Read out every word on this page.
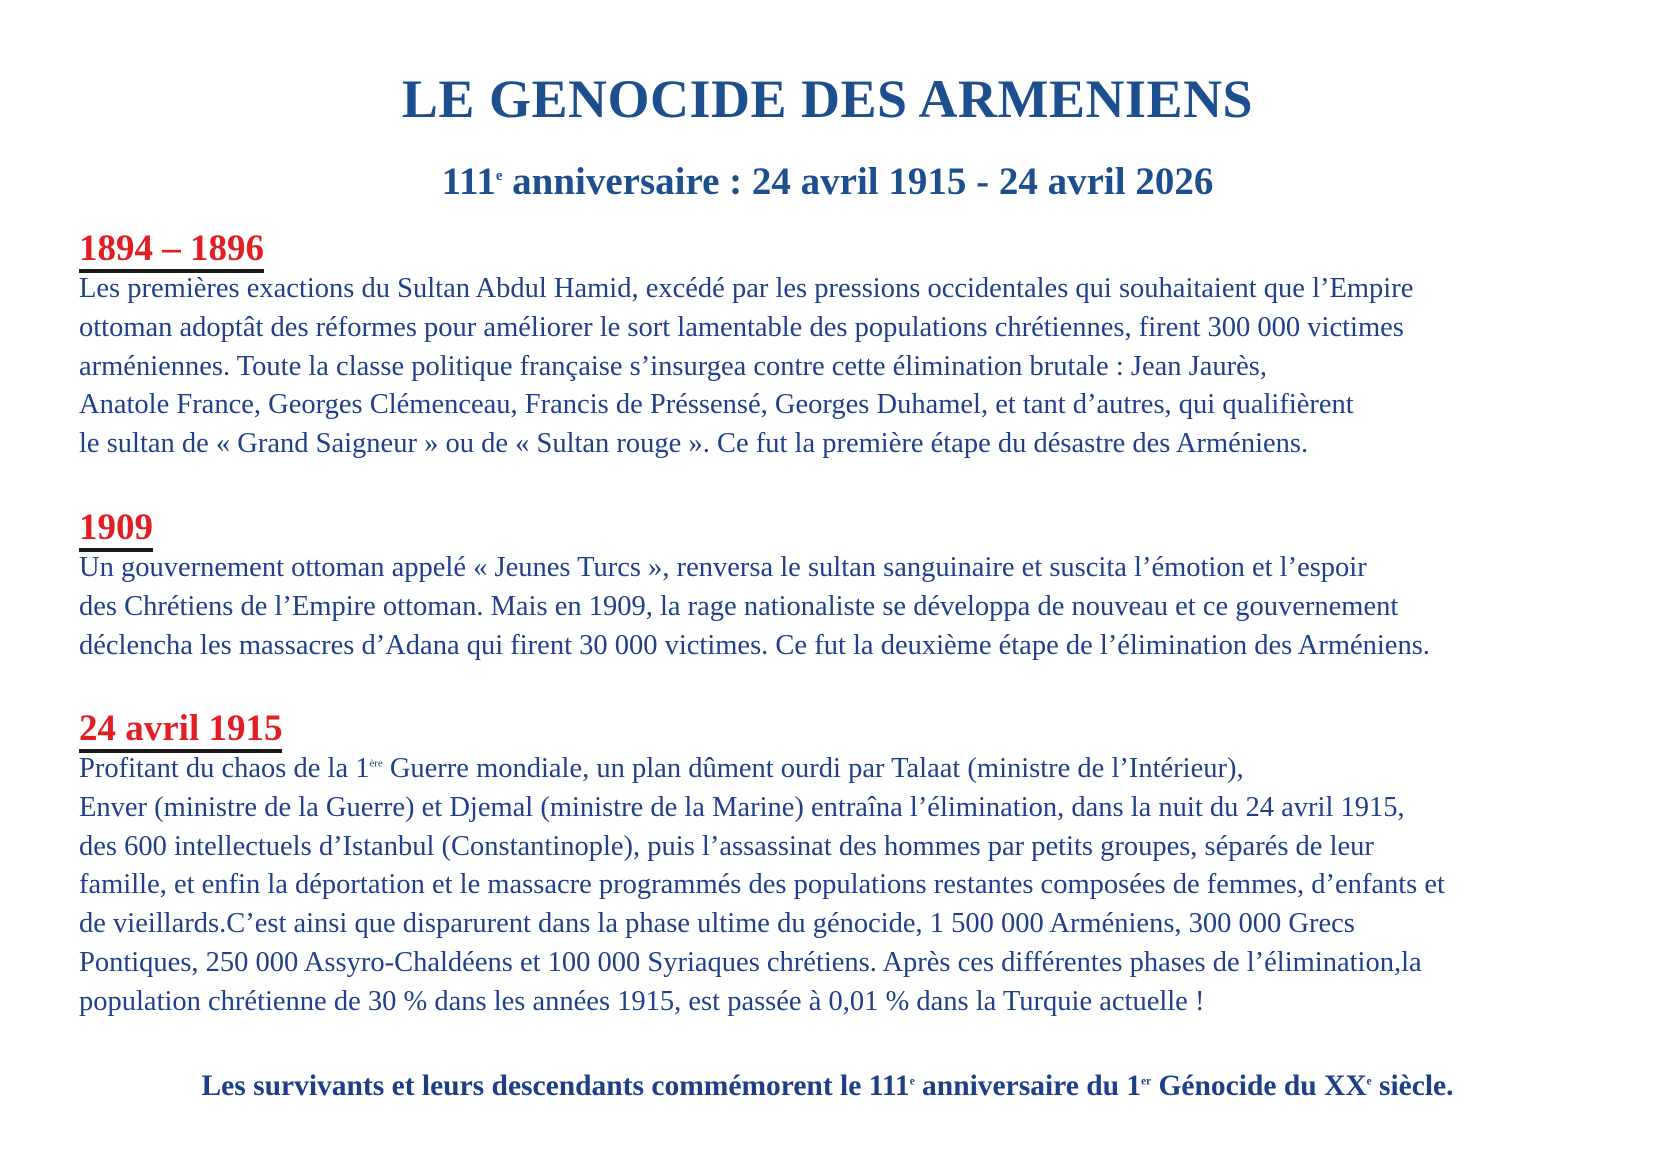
LE GENOCIDE DES ARMENIENS

111e anniversaire : 24 avril 1915 - 24 avril 2026

1894 – 1896

Les premières exactions du Sultan Abdul Hamid, excédé par les pressions occidentales qui souhaitaient que l’Empire
ottoman adoptât des réformes pour améliorer le sort lamentable des populations chrétiennes, firent 300 000 victimes
arméniennes. Toute la classe politique française s’insurgea contre cette élimination brutale : Jean Jaurès,
Anatole France, Georges Clémenceau, Francis de Préssensé, Georges Duhamel, et tant d’autres, qui qualifièrent
le sultan de « Grand Saigneur » ou de « Sultan rouge ». Ce fut la première étape du désastre des Arméniens.

1909

Un gouvernement ottoman appelé « Jeunes Turcs », renversa le sultan sanguinaire et suscita l’émotion et l’espoir
des Chrétiens de l’Empire ottoman. Mais en 1909, la rage nationaliste se développa de nouveau et ce gouvernement
déclencha les massacres d’Adana qui firent 30 000 victimes. Ce fut la deuxième étape de l’élimination des Arméniens.

24 avril 1915

Profitant du chaos de la 1ère Guerre mondiale, un plan dûment ourdi par Talaat (ministre de l’Intérieur),
Enver (ministre de la Guerre) et Djemal (ministre de la Marine) entraîna l’élimination, dans la nuit du 24 avril 1915,
des 600 intellectuels d’Istanbul (Constantinople), puis l’assassinat des hommes par petits groupes, séparés de leur
famille, et enfin la déportation et le massacre programmés des populations restantes composées de femmes, d’enfants et
de vieillards.C’est ainsi que disparurent dans la phase ultime du génocide, 1 500 000 Arméniens, 300 000 Grecs
Pontiques, 250 000 Assyro-Chaldéens et 100 000 Syriaques chrétiens. Après ces différentes phases de l’élimination,la
population chrétienne de 30 % dans les années 1915, est passée à 0,01 % dans la Turquie actuelle !

Les survivants et leurs descendants commémorent le 111e anniversaire du 1er Génocide du XXe siècle.
